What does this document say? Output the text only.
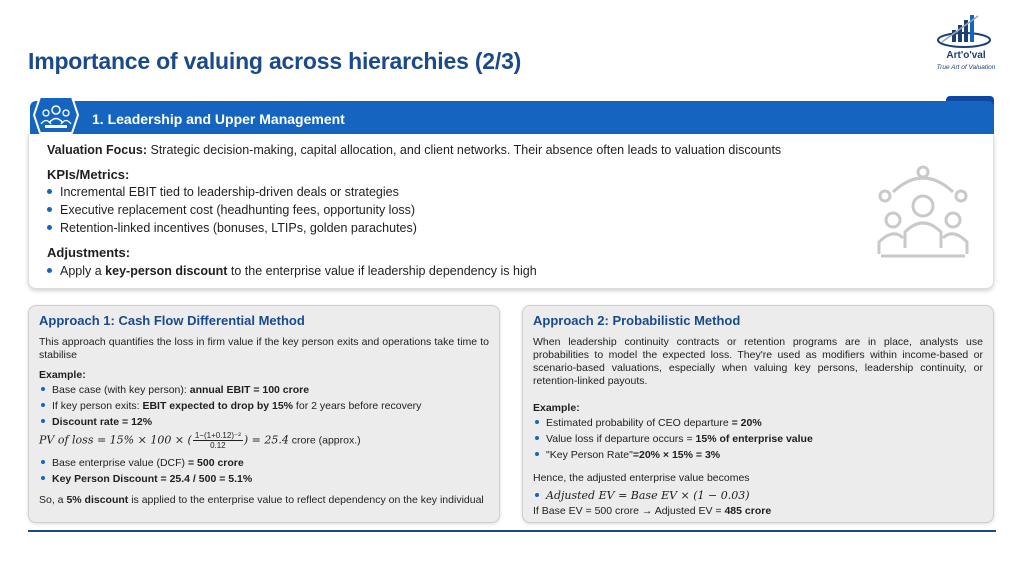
Importance of valuing across hierarchies (2/3)	Art'o'val
True Art of Valuation
1. Leadership and Upper Management
Valuation Focus: Strategic decision-making, capital allocation, and client networks. Their absence often leads to valuation discounts
KPIs/Metrics:
Incremental EBIT tied to leadership-driven deals or strategies
Executive replacement cost (headhunting fees, opportunity loss)
Retention-linked incentives (bonuses, LTIPs, golden parachutes)
Adjustments:
Apply a key-person discount to the enterprise value if leadership dependency is high
Approach 1: Cash Flow Differential Method
This approach quantifies the loss in firm value if the key person exits and operations take time to stabilise
Example:
Base case (with key person): annual EBIT = 100 crore
If key person exits: EBIT expected to drop by 15% for 2 years before recovery
Discount rate = 12%
PV of loss = 15% × 100 × ( $\frac{\text{1−(1+0.12)⁻²}}{0.12}$ ) = 25.4 crore (approx.)
Base enterprise value (DCF) = 500 crore
Key Person Discount = 25.4 / 500 = 5.1%
So, a 5% discount is applied to the enterprise value to reflect dependency on the key individual
Approach 2: Probabilistic Method
When leadership continuity contracts or retention programs are in place, analysts use probabilities to model the expected loss. They're used as modifiers within income-based or scenario-based valuations, especially when valuing key persons, leadership continuity, or retention-linked payouts.
Example:
Estimated probability of CEO departure = 20%
Value loss if departure occurs = 15% of enterprise value
"Key Person Rate"=20% × 15% = 3%
Hence, the adjusted enterprise value becomes
Adjusted EV = Base EV × (1 − 0.03)
If Base EV = 500 crore → Adjusted EV = 485 crore
